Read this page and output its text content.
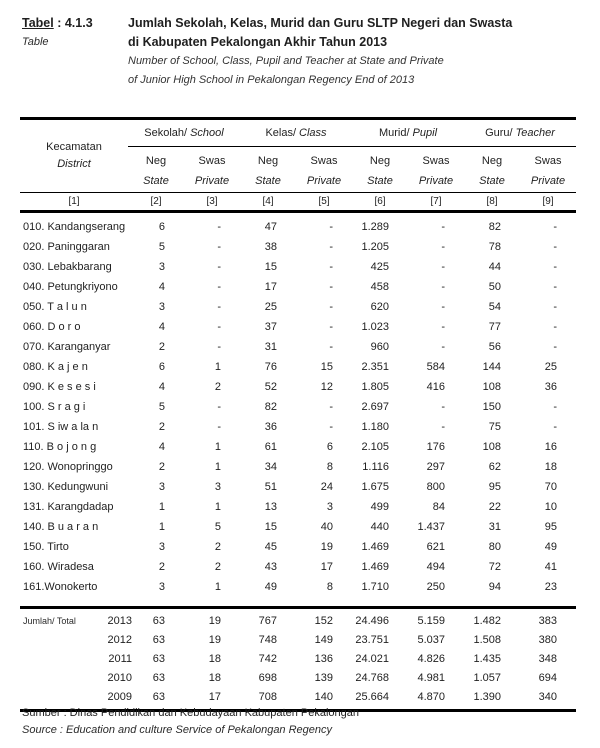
Tabel : 4.1.3
Table
Jumlah Sekolah, Kelas, Murid dan Guru SLTP Negeri dan Swasta
di Kabupaten Pekalongan Akhir Tahun 2013
Number of School, Class, Pupil and Teacher at State and Private
of Junior High School in Pekalongan Regency End of 2013
Kecamatan
District
Sekolah/ School	Kelas/ Class	Murid/ Pupil	Guru/ Teacher
Neg	Swas	Neg	Swas	Neg	Swas	Neg	Swas
State	Private	State	Private	State	Private	State	Private
[1]	[2]	[3]	[4]	[5]	[6]	[7]	[8]	[9]
010. Kandangserang	6	-	47	-	1.289	-	82	-
020. Paninggaran	5	-	38	-	1.205	-	78	-
030. Lebakbarang	3	-	15	-	425	-	44	-
040. Petungkriyono	4	-	17	-	458	-	50	-
050. T a l u n	3	-	25	-	620	-	54	-
060. D o r o	4	-	37	-	1.023	-	77	-
070. Karanganyar	2	-	31	-	960	-	56	-
080. K a j e n	6	1	76	15	2.351	584	144	25
090. K e s e s i	4	2	52	12	1.805	416	108	36
100. S r a g i	5	-	82	-	2.697	-	150	-
101. S iw a la n	2	-	36	-	1.180	-	75	-
110. B o j o n g	4	1	61	6	2.105	176	108	16
120. Wonopringgo	2	1	34	8	1.116	297	62	18
130. Kedungwuni	3	3	51	24	1.675	800	95	70
131. Karangdadap	1	1	13	3	499	84	22	10
140. B u a r a n	1	5	15	40	440	1.437	31	95
150. Tirto	3	2	45	19	1.469	621	80	49
160. Wiradesa	2	2	43	17	1.469	494	72	41
161.Wonokerto	3	1	49	8	1.710	250	94	23
Jumlah/ Total	2013	63	19	767	152	24.496	5.159	1.482	383
2012	63	19	748	149	23.751	5.037	1.508	380
2011	63	18	742	136	24.021	4.826	1.435	348
2010	63	18	698	139	24.768	4.981	1.057	694
2009	63	17	708	140	25.664	4.870	1.390	340
Sumber : Dinas Pendidikan dan Kebudayaan Kabupaten Pekalongan
Source : Education and culture Service of Pekalongan Regency
